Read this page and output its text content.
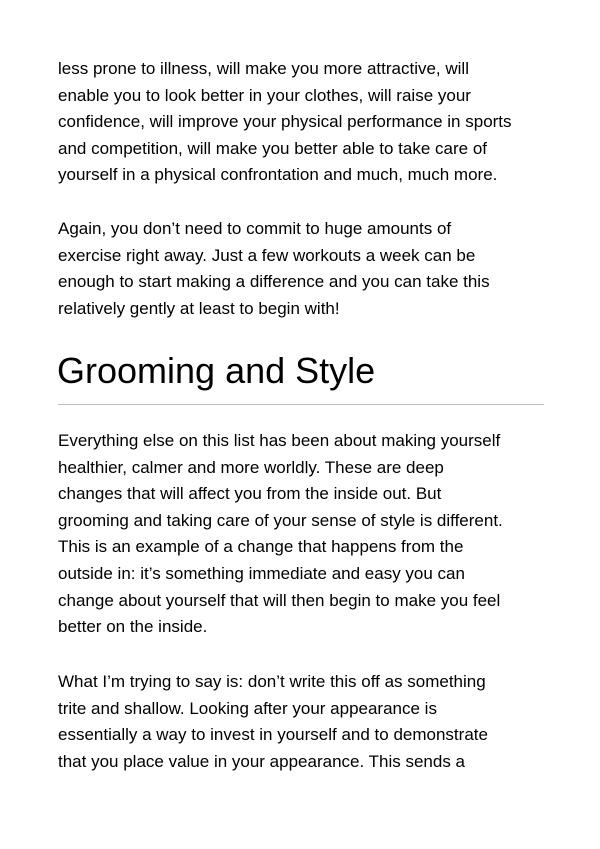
less prone to illness, will make you more attractive, will
enable you to look better in your clothes, will raise your
confidence, will improve your physical performance in sports
and competition, will make you better able to take care of
yourself in a physical confrontation and much, much more.

Again, you don’t need to commit to huge amounts of
exercise right away. Just a few workouts a week can be
enough to start making a difference and you can take this
relatively gently at least to begin with!

Grooming and Style

Everything else on this list has been about making yourself
healthier, calmer and more worldly. These are deep
changes that will affect you from the inside out. But
grooming and taking care of your sense of style is different.
This is an example of a change that happens from the
outside in: it’s something immediate and easy you can
change about yourself that will then begin to make you feel
better on the inside.

What I’m trying to say is: don’t write this off as something
trite and shallow. Looking after your appearance is
essentially a way to invest in yourself and to demonstrate
that you place value in your appearance. This sends a
